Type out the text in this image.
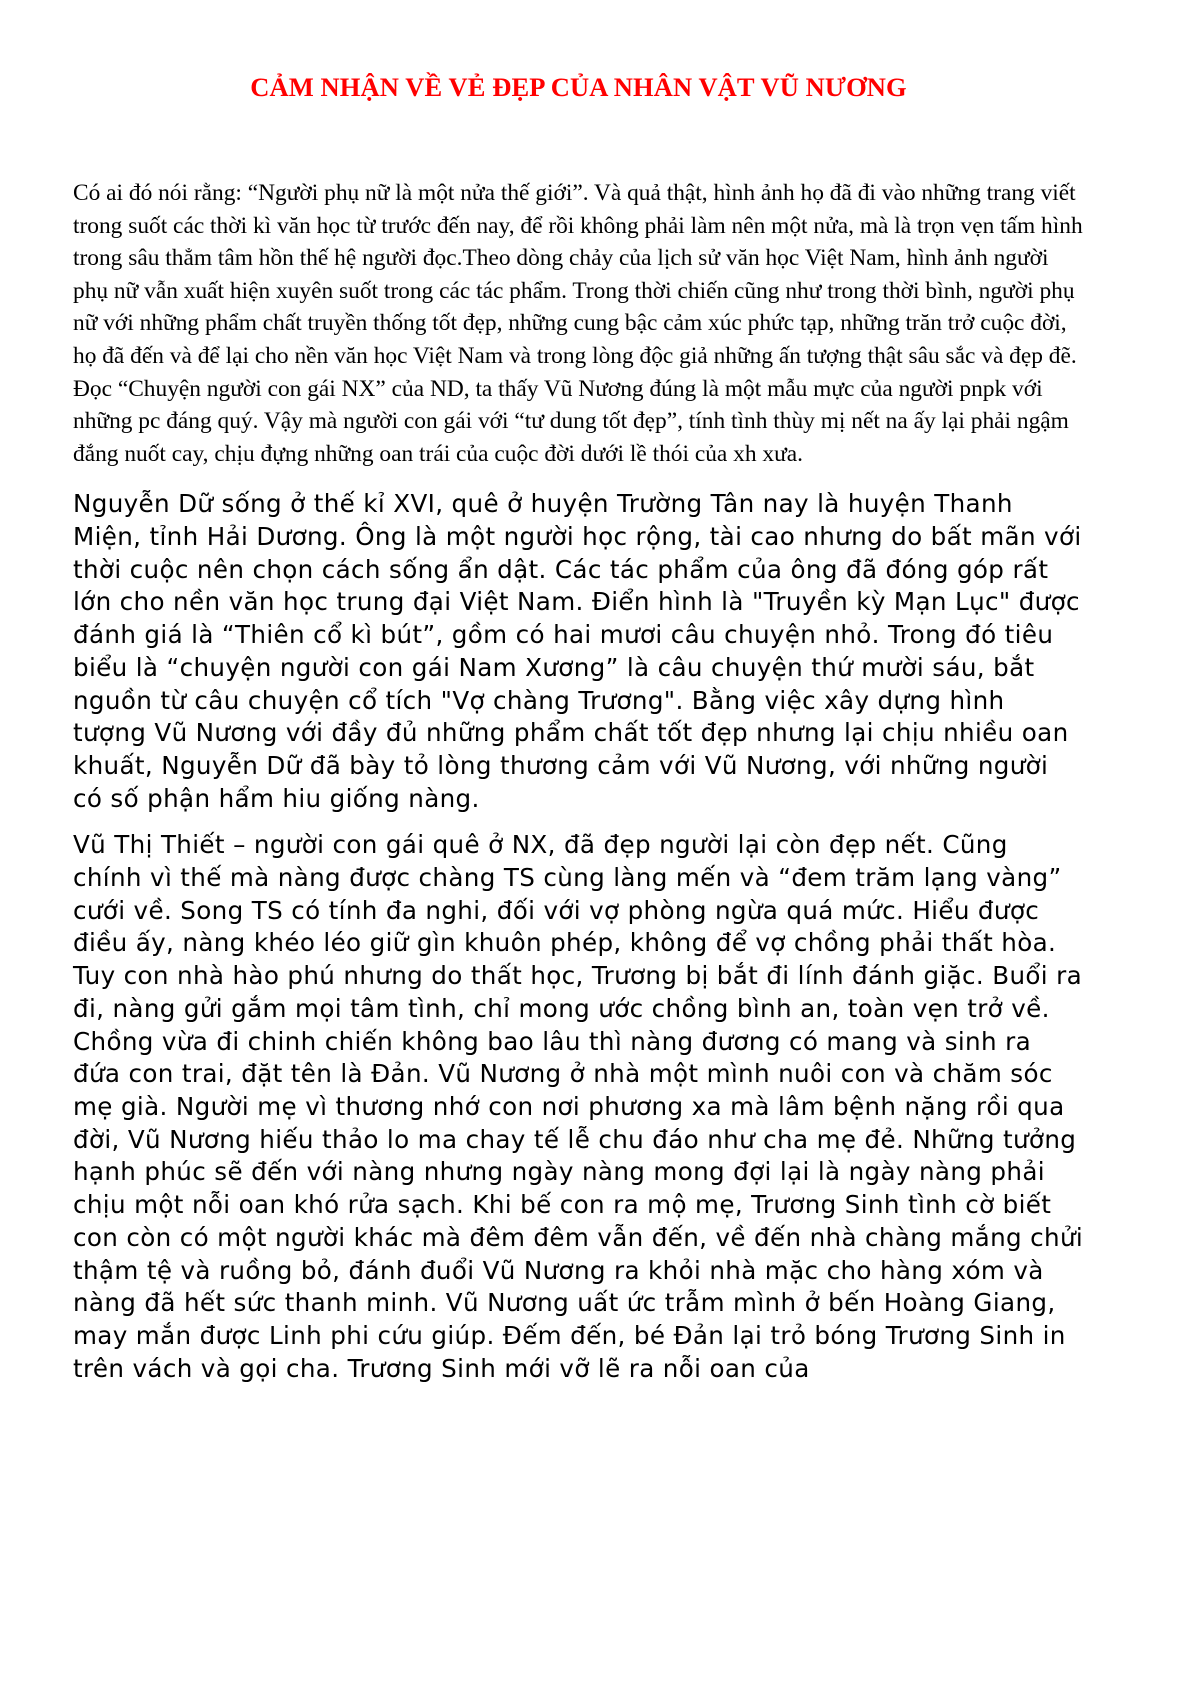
CẢM NHẬN VỀ VẺ ĐẸP CỦA NHÂN VẬT VŨ NƯƠNG

Có ai đó nói rằng: “Người phụ nữ là một nửa thế giới”. Và quả thật, hình ảnh họ đã đi vào những trang viết trong suốt các thời kì văn học từ trước đến nay, để rồi không phải làm nên một nửa, mà là trọn vẹn tấm hình trong sâu thẳm tâm hồn thế hệ người đọc.Theo dòng chảy của lịch sử văn học Việt Nam, hình ảnh người phụ nữ vẫn xuất hiện xuyên suốt trong các tác phẩm. Trong thời chiến cũng như trong thời bình, người phụ nữ với những phẩm chất truyền thống tốt đẹp, những cung bậc cảm xúc phức tạp, những trăn trở cuộc đời, họ đã đến và để lại cho nền văn học Việt Nam và trong lòng độc giả những ấn tượng thật sâu sắc và đẹp đẽ. Đọc “Chuyện người con gái NX” của ND, ta thấy Vũ Nương đúng là một mẫu mực của người pnpk với những pc đáng quý. Vậy mà người con gái với “tư dung tốt đẹp”, tính tình thùy mị nết na ấy lại phải ngậm đắng nuốt cay, chịu đựng những oan trái của cuộc đời dưới lề thói của xh xưa.

Nguyễn Dữ sống ở thế kỉ XVI, quê ở huyện Trường Tân nay là huyện Thanh Miện, tỉnh Hải Dương. Ông là một người học rộng, tài cao nhưng do bất mãn với thời cuộc nên chọn cách sống ẩn dật. Các tác phẩm của ông đã đóng góp rất lớn cho nền văn học trung đại Việt Nam. Điển hình là "Truyền kỳ Mạn Lục" được đánh giá là “Thiên cổ kì bút”, gồm có hai mươi câu chuyện nhỏ. Trong đó tiêu biểu là “chuyện người con gái Nam Xương” là câu chuyện thứ mười sáu, bắt nguồn từ câu chuyện cổ tích "Vợ chàng Trương". Bằng việc xây dựng hình tượng Vũ Nương với đầy đủ những phẩm chất tốt đẹp nhưng lại chịu nhiều oan khuất, Nguyễn Dữ đã bày tỏ lòng thương cảm với Vũ Nương, với những người có số phận hẩm hiu giống nàng.

Vũ Thị Thiết – người con gái quê ở NX, đã đẹp người lại còn đẹp nết. Cũng chính vì thế mà nàng được chàng TS cùng làng mến và “đem trăm lạng vàng” cưới về. Song TS có tính đa nghi, đối với vợ phòng ngừa quá mức. Hiểu được điều ấy, nàng khéo léo giữ gìn khuôn phép, không để vợ chồng phải thất hòa. Tuy con nhà hào phú nhưng do thất học, Trương bị bắt đi lính đánh giặc. Buổi ra đi, nàng gửi gắm mọi tâm tình, chỉ mong ước chồng bình an, toàn vẹn trở về. Chồng vừa đi chinh chiến không bao lâu thì nàng đương có mang và sinh ra đứa con trai, đặt tên là Đản. Vũ Nương ở nhà một mình nuôi con và chăm sóc mẹ già. Người mẹ vì thương nhớ con nơi phương xa mà lâm bệnh nặng rồi qua đời, Vũ Nương hiếu thảo lo ma chay tế lễ chu đáo như cha mẹ đẻ. Những tưởng hạnh phúc sẽ đến với nàng nhưng ngày nàng mong đợi lại là ngày nàng phải chịu một nỗi oan khó rửa sạch. Khi bế con ra mộ mẹ, Trương Sinh tình cờ biết con còn có một người khác mà đêm đêm vẫn đến, về đến nhà chàng mắng chửi thậm tệ và ruồng bỏ, đánh đuổi Vũ Nương ra khỏi nhà mặc cho hàng xóm và nàng đã hết sức thanh minh. Vũ Nương uất ức trẫm mình ở bến Hoàng Giang, may mắn được Linh phi cứu giúp. Đếm đến, bé Đản lại trỏ bóng Trương Sinh in trên vách và gọi cha. Trương Sinh mới vỡ lẽ ra nỗi oan của
